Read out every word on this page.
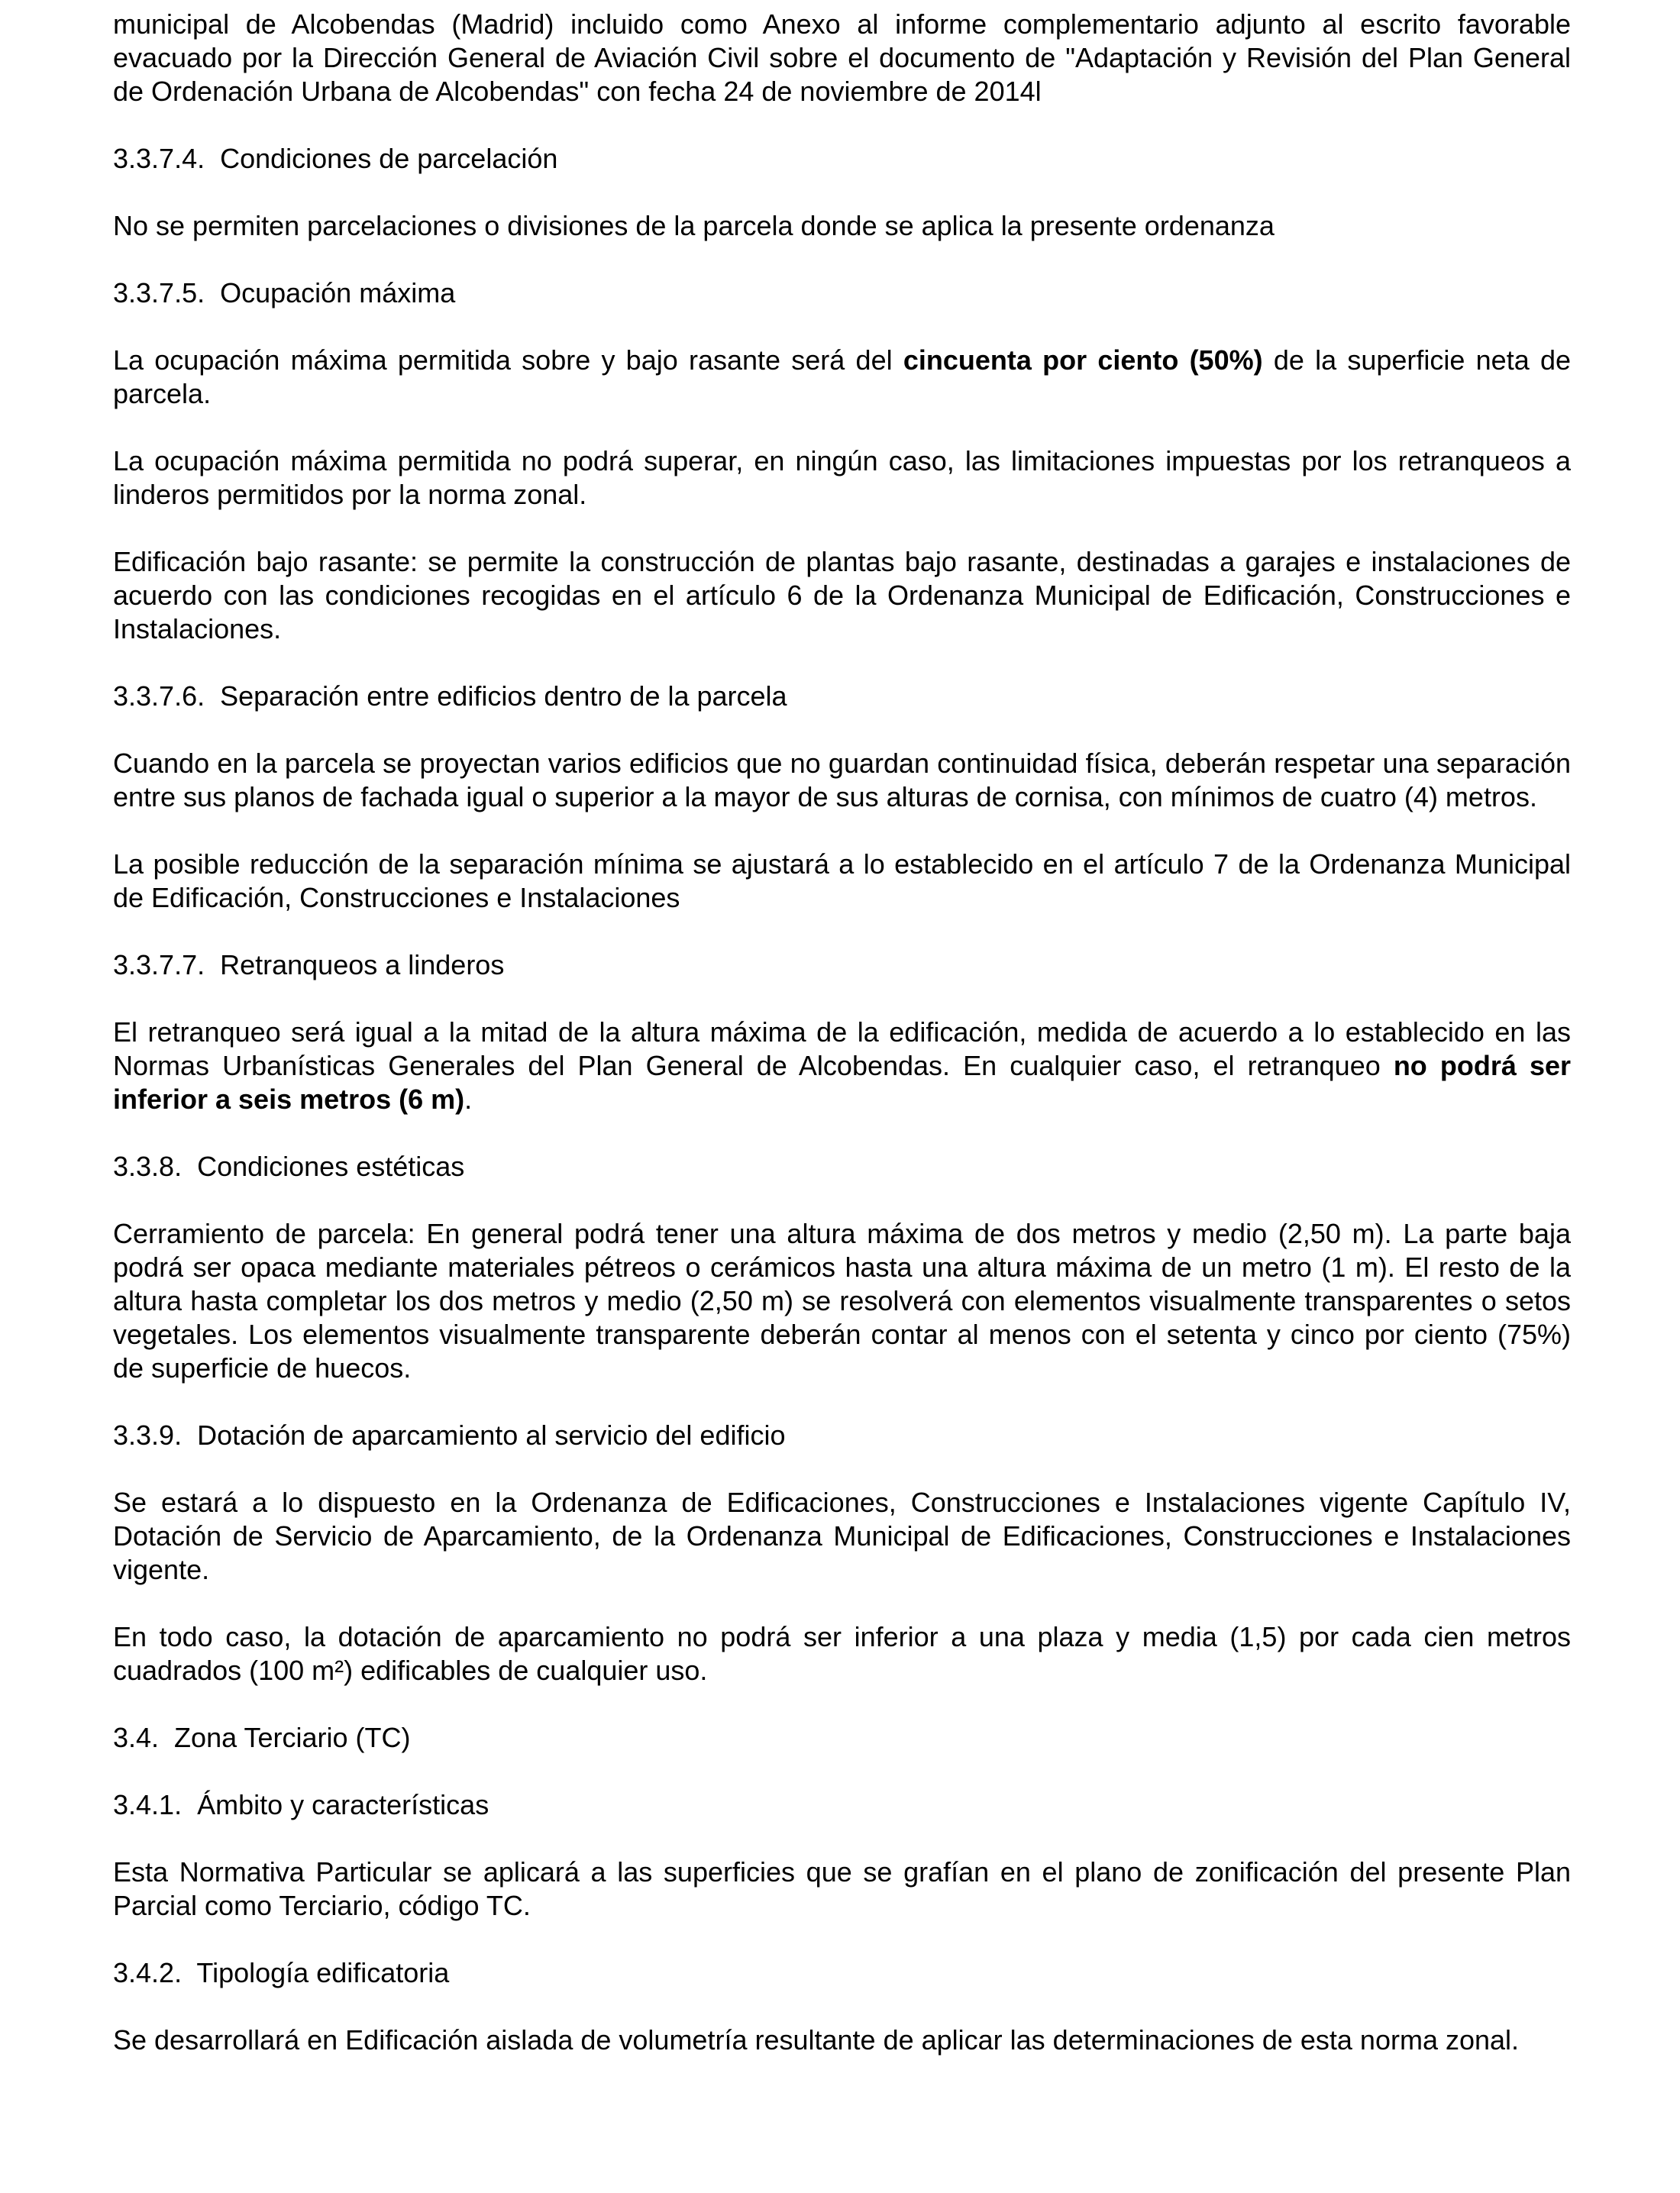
municipal de Alcobendas (Madrid) incluido como Anexo al informe complementario adjunto al escrito favorable evacuado por la Dirección General de Aviación Civil sobre el documento de "Adaptación y Revisión del Plan General de Ordenación Urbana de Alcobendas" con fecha 24 de noviembre de 2014l
3.3.7.4.  Condiciones de parcelación
No se permiten parcelaciones o divisiones de la parcela donde se aplica la presente ordenanza
3.3.7.5.  Ocupación máxima
La ocupación máxima permitida sobre y bajo rasante será del cincuenta por ciento (50%) de la superficie neta de parcela.
La ocupación máxima permitida no podrá superar, en ningún caso, las limitaciones impuestas por los retranqueos a linderos permitidos por la norma zonal.
Edificación bajo rasante: se permite la construcción de plantas bajo rasante, destinadas a garajes e instalaciones de acuerdo con las condiciones recogidas en el artículo 6 de la Ordenanza Municipal de Edificación, Construcciones e Instalaciones.
3.3.7.6.  Separación entre edificios dentro de la parcela
Cuando en la parcela se proyectan varios edificios que no guardan continuidad física, deberán respetar una separación entre sus planos de fachada igual o superior a la mayor de sus alturas de cornisa, con mínimos de cuatro (4) metros.
La posible reducción de la separación mínima se ajustará a lo establecido en el artículo 7 de la Ordenanza Municipal de Edificación, Construcciones e Instalaciones
3.3.7.7.  Retranqueos a linderos
El retranqueo será igual a la mitad de la altura máxima de la edificación, medida de acuerdo a lo establecido en las Normas Urbanísticas Generales del Plan General de Alcobendas. En cualquier caso, el retranqueo no podrá ser inferior a seis metros (6 m).
3.3.8.  Condiciones estéticas
Cerramiento de parcela: En general podrá tener una altura máxima de dos metros y medio (2,50 m). La parte baja podrá ser opaca mediante materiales pétreos o cerámicos hasta una altura máxima de un metro (1 m). El resto de la altura hasta completar los dos metros y medio (2,50 m) se resolverá con elementos visualmente transparentes o setos vegetales. Los elementos visualmente transparente deberán contar al menos con el setenta y cinco por ciento (75%) de superficie de huecos.
3.3.9.  Dotación de aparcamiento al servicio del edificio
Se estará a lo dispuesto en la Ordenanza de Edificaciones, Construcciones e Instalaciones vigente Capítulo IV, Dotación de Servicio de Aparcamiento, de la Ordenanza Municipal de Edificaciones, Construcciones e Instalaciones vigente.
En todo caso, la dotación de aparcamiento no podrá ser inferior a una plaza y media (1,5) por cada cien metros cuadrados (100 m²) edificables de cualquier uso.
3.4.  Zona Terciario (TC)
3.4.1.  Ámbito y características
Esta Normativa Particular se aplicará a las superficies que se grafían en el plano de zonificación del presente Plan Parcial como Terciario, código TC.
3.4.2.  Tipología edificatoria
Se desarrollará en Edificación aislada de volumetría resultante de aplicar las determinaciones de esta norma zonal.
